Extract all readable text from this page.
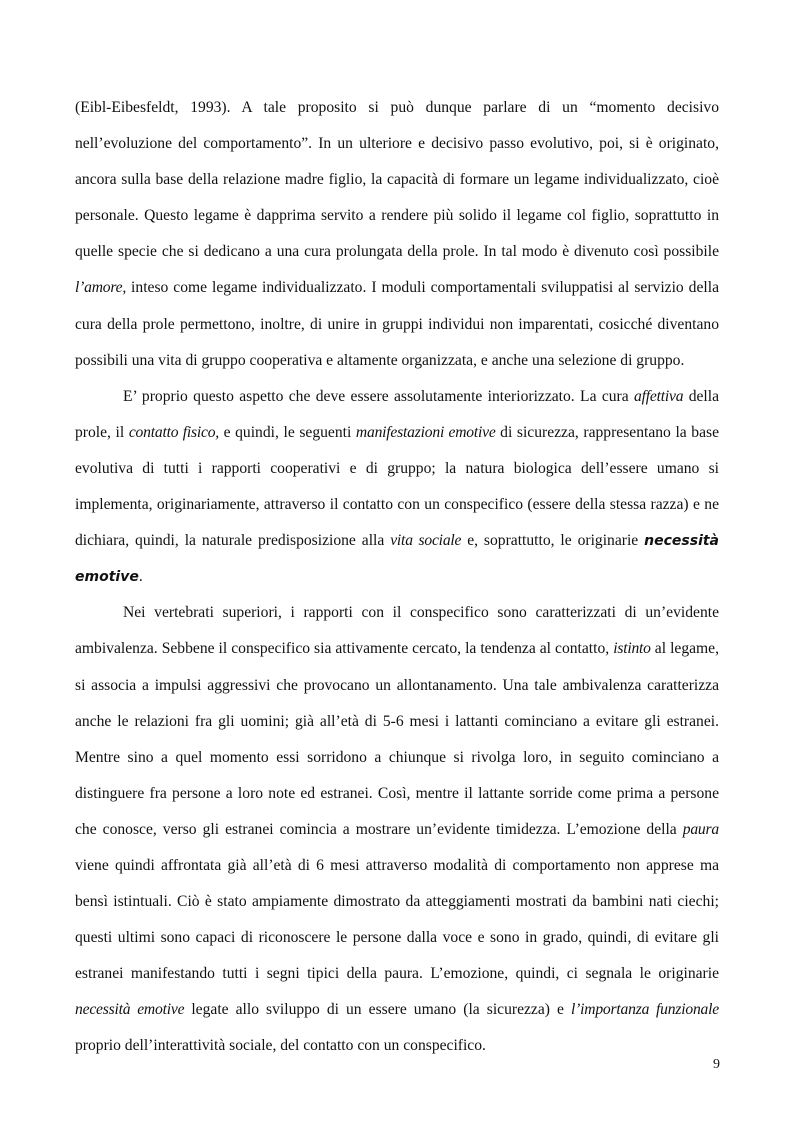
(Eibl-Eibesfeldt, 1993). A tale proposito si può dunque parlare di un “momento decisivo nell’evoluzione del comportamento”. In un ulteriore e decisivo passo evolutivo, poi, si è originato, ancora sulla base della relazione madre figlio, la capacità di formare un legame individualizzato, cioè personale. Questo legame è dapprima servito a rendere più solido il legame col figlio, soprattutto in quelle specie che si dedicano a una cura prolungata della prole. In tal modo è divenuto così possibile l’amore, inteso come legame individualizzato. I moduli comportamentali sviluppatisi al servizio della cura della prole permettono, inoltre, di unire in gruppi individui non imparentati, cosicché diventano possibili una vita di gruppo cooperativa e altamente organizzata, e anche una selezione di gruppo.

E’ proprio questo aspetto che deve essere assolutamente interiorizzato. La cura affettiva della prole, il contatto fisico, e quindi, le seguenti manifestazioni emotive di sicurezza, rappresentano la base evolutiva di tutti i rapporti cooperativi e di gruppo; la natura biologica dell’essere umano si implementa, originariamente, attraverso il contatto con un conspecifico (essere della stessa razza) e ne dichiara, quindi, la naturale predisposizione alla vita sociale e, soprattutto, le originarie necessità emotive.

Nei vertebrati superiori, i rapporti con il conspecifico sono caratterizzati di un’evidente ambivalenza. Sebbene il conspecifico sia attivamente cercato, la tendenza al contatto, istinto al legame, si associa a impulsi aggressivi che provocano un allontanamento. Una tale ambivalenza caratterizza anche le relazioni fra gli uomini; già all’età di 5-6 mesi i lattanti cominciano a evitare gli estranei. Mentre sino a quel momento essi sorridono a chiunque si rivolga loro, in seguito cominciano a distinguere fra persone a loro note ed estranei. Così, mentre il lattante sorride come prima a persone che conosce, verso gli estranei comincia a mostrare un’evidente timidezza. L’emozione della paura viene quindi affrontata già all’età di 6 mesi attraverso modalità di comportamento non apprese ma bensì istintuali. Ciò è stato ampiamente dimostrato da atteggiamenti mostrati da bambini nati ciechi; questi ultimi sono capaci di riconoscere le persone dalla voce e sono in grado, quindi, di evitare gli estranei manifestando tutti i segni tipici della paura. L’emozione, quindi, ci segnala le originarie necessità emotive legate allo sviluppo di un essere umano (la sicurezza) e l’importanza funzionale proprio dell’interattività sociale, del contatto con un conspecifico.

9
